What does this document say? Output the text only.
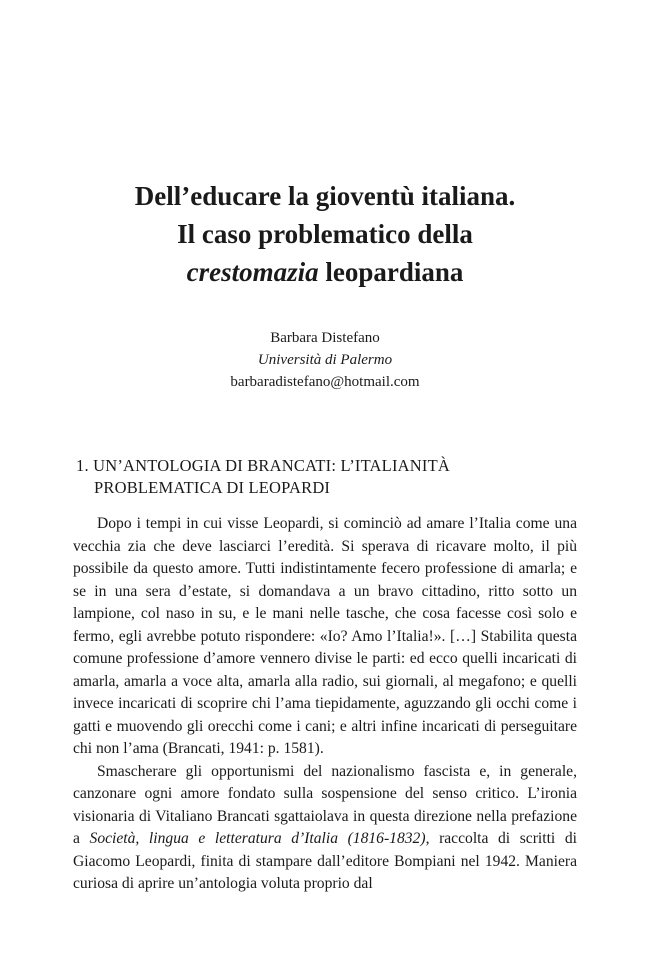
Dell’educare la gioventù italiana.
Il caso problematico della
crestomazia leopardiana
Barbara Distefano
Università di Palermo
barbaradistefano@hotmail.com
1. UN’ANTOLOGIA DI BRANCATI: L’ITALIANITÀ
PROBLEMATICA DI LEOPARDI

Dopo i tempi in cui visse Leopardi, si cominciò ad amare l’Italia come una vecchia zia che deve lasciarci l’eredità. Si sperava di ricavare molto, il più possibile da questo amore. Tutti indistintamente fecero professione di amarla; e se in una sera d’estate, si domandava a un bravo cittadino, ritto sotto un lampione, col naso in su, e le mani nelle tasche, che cosa facesse così solo e fermo, egli avrebbe potuto rispondere: «Io? Amo l’Italia!». […] Stabilita questa comune professione d’amore vennero divise le parti: ed ecco quelli incaricati di amarla, amarla a voce alta, amarla alla radio, sui giornali, al megafono; e quelli invece incaricati di scoprire chi l’ama tiepidamente, aguzzando gli occhi come i gatti e muovendo gli orecchi come i cani; e altri infine incaricati di perseguitare chi non l’ama (Brancati, 1941: p. 1581).

Smascherare gli opportunismi del nazionalismo fascista e, in generale, canzonare ogni amore fondato sulla sospensione del senso critico. L’ironia visionaria di Vitaliano Brancati sgattaiolava in questa direzione nella prefazione a Società, lingua e letteratura d’Italia (1816-1832), raccolta di scritti di Giacomo Leopardi, finita di stampare dall’editore Bompiani nel 1942. Maniera curiosa di aprire un’antologia voluta proprio dal
